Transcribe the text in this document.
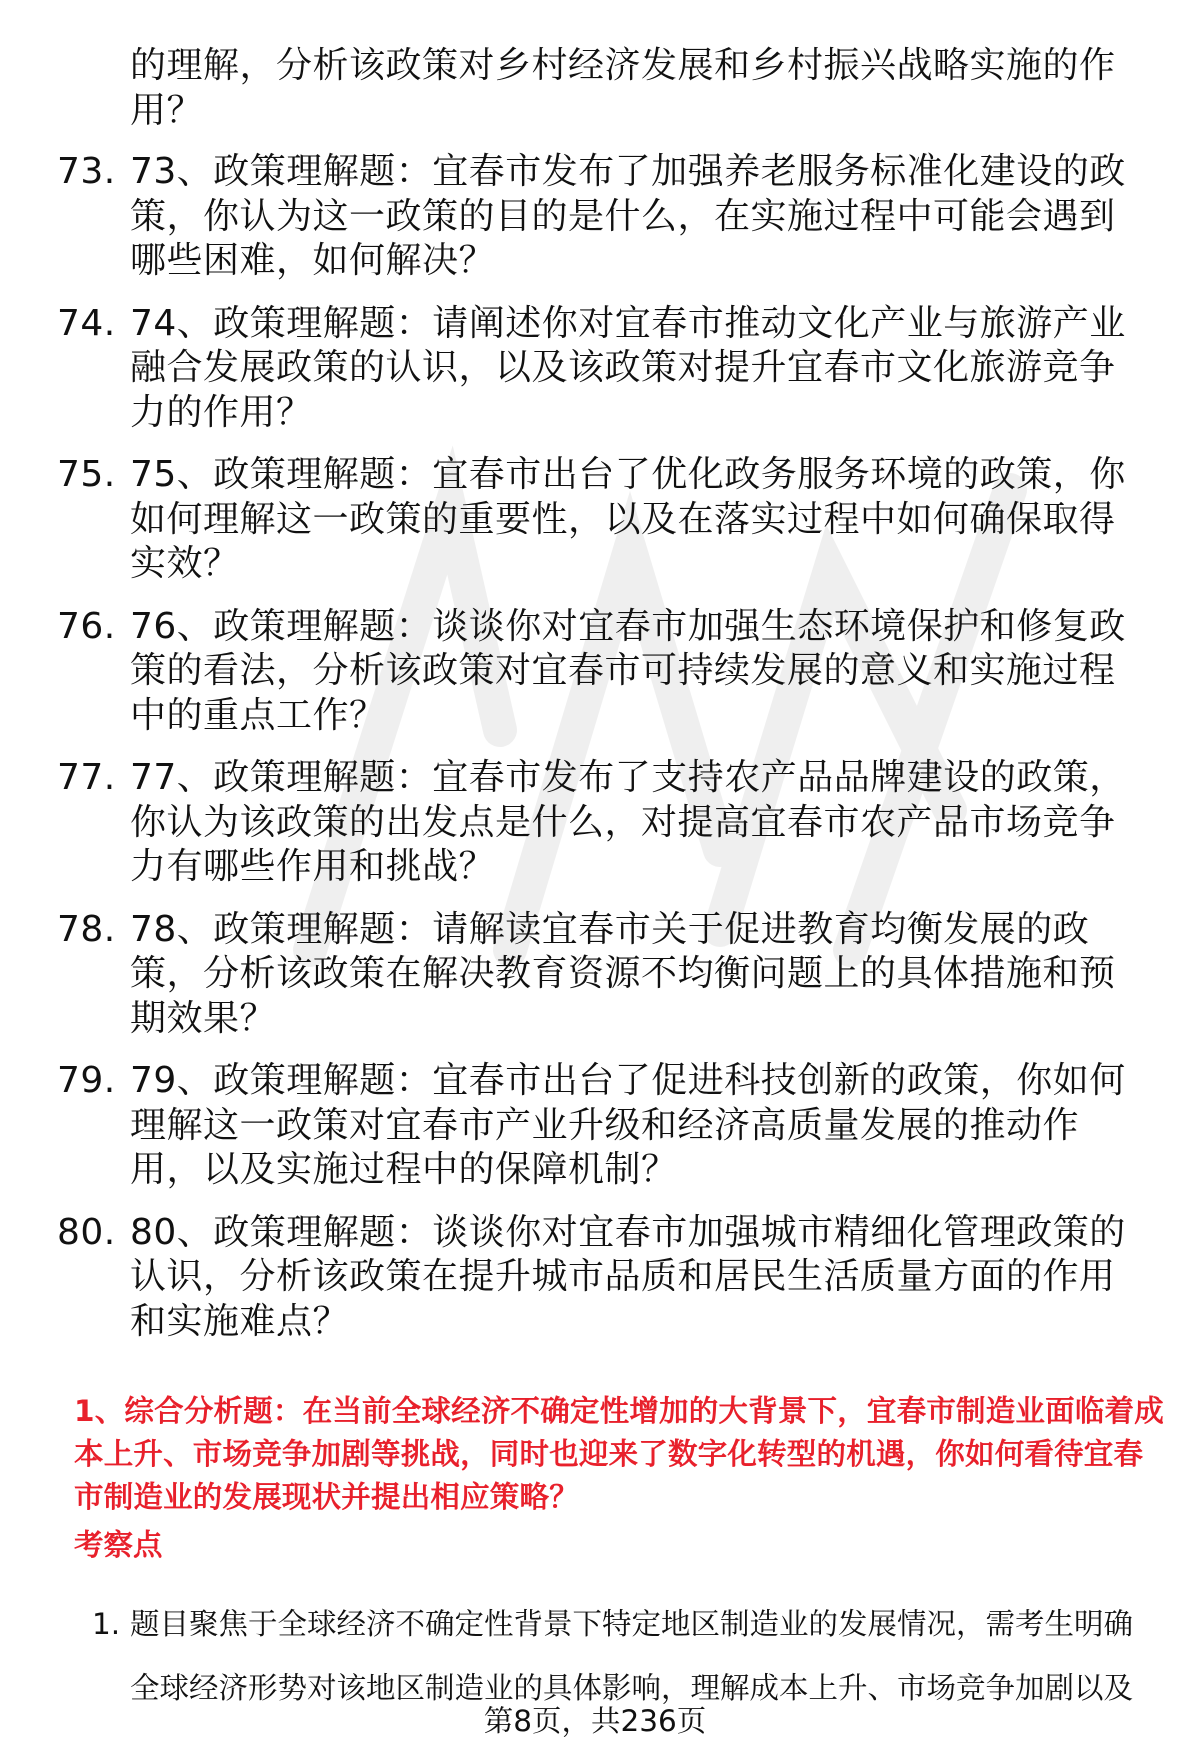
的理解，分析该政策对乡村经济发展和乡村振兴战略实施的作用？
73. 73、政策理解题：宜春市发布了加强养老服务标准化建设的政策，你认为这一政策的目的是什么，在实施过程中可能会遇到哪些困难，如何解决？
74. 74、政策理解题：请阐述你对宜春市推动文化产业与旅游产业融合发展政策的认识，以及该政策对提升宜春市文化旅游竞争力的作用？
75. 75、政策理解题：宜春市出台了优化政务服务环境的政策，你如何理解这一政策的重要性，以及在落实过程中如何确保取得实效？
76. 76、政策理解题：谈谈你对宜春市加强生态环境保护和修复政策的看法，分析该政策对宜春市可持续发展的意义和实施过程中的重点工作？
77. 77、政策理解题：宜春市发布了支持农产品品牌建设的政策，你认为该政策的出发点是什么，对提高宜春市农产品市场竞争力有哪些作用和挑战？
78. 78、政策理解题：请解读宜春市关于促进教育均衡发展的政策，分析该政策在解决教育资源不均衡问题上的具体措施和预期效果？
79. 79、政策理解题：宜春市出台了促进科技创新的政策，你如何理解这一政策对宜春市产业升级和经济高质量发展的推动作用，以及实施过程中的保障机制？
80. 80、政策理解题：谈谈你对宜春市加强城市精细化管理政策的认识，分析该政策在提升城市品质和居民生活质量方面的作用和实施难点？
1、综合分析题：在当前全球经济不确定性增加的大背景下，宜春市制造业面临着成本上升、市场竞争加剧等挑战，同时也迎来了数字化转型的机遇，你如何看待宜春市制造业的发展现状并提出相应策略？
考察点
1. 题目聚焦于全球经济不确定性背景下特定地区制造业的发展情况，需考生明确
全球经济形势对该地区制造业的具体影响，理解成本上升、市场竞争加剧以及
第8页，共236页
